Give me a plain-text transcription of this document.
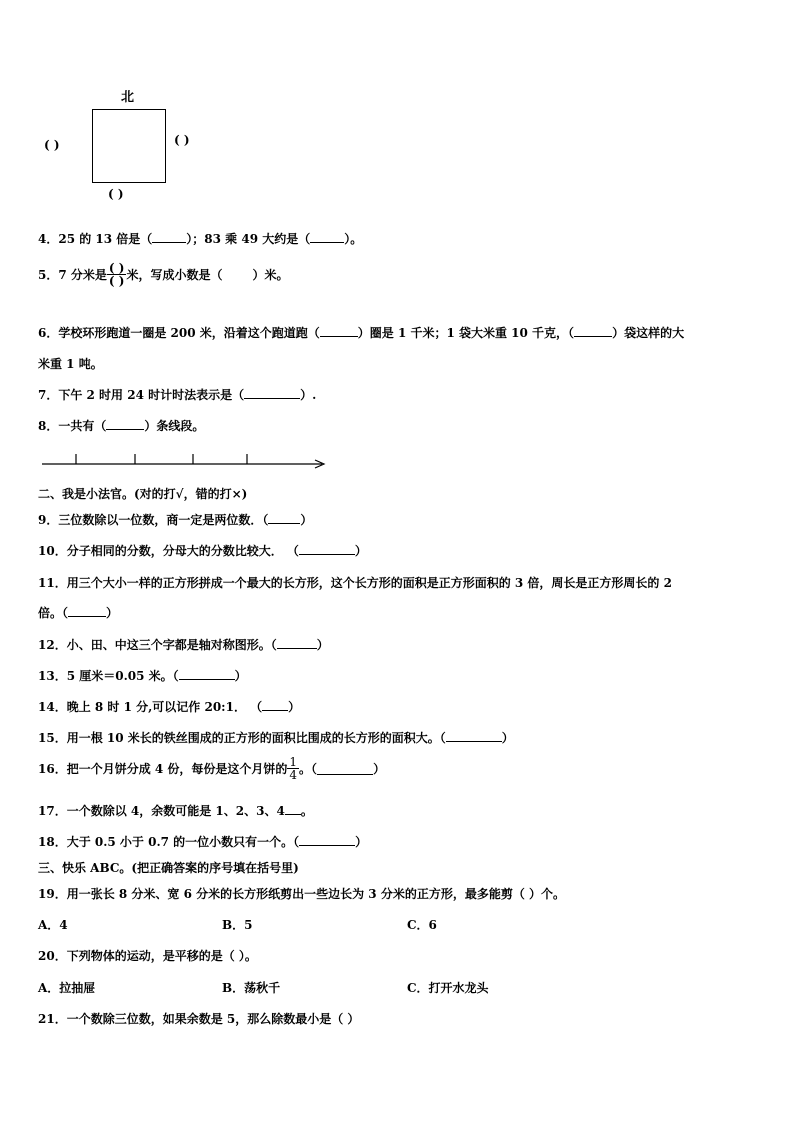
北
( )	( )
( )
4．25 的 13 倍是（	）；83 乘 49 大约是（	）。
5．7 分米是 $\frac{( )}{( )}$ 米，写成小数是（	）米。
6．学校环形跑道一圈是 200 米，沿着这个跑道跑（	）圈是 1 千米；1 袋大米重 10 千克，（	）袋这样的大
米重 1 吨。
7．下午 2 时用 24 时计时法表示是（	）.
8．一共有（	）条线段。
二、我是小法官。(对的打√，错的打×)
9．三位数除以一位数，商一定是两位数．（	）
10．分子相同的分数，分母大的分数比较大． （	）
11．用三个大小一样的正方形拼成一个最大的长方形，这个长方形的面积是正方形面积的 3 倍，周长是正方形周长的 2
倍。（	）
12．小、田、中这三个字都是轴对称图形。（	）
13．5 厘米＝0.05 米。（	）
14．晚上 8 时 1 分,可以记作 20:1． （ ）
15．用一根 10 米长的铁丝围成的正方形的面积比围成的长方形的面积大。（	）
16．把一个月饼分成 4 份，每份是这个月饼的 $\frac{1}{4}$ 。（	）
17．一个数除以 4，余数可能是 1、2、3、4 。
18．大于 0.5 小于 0.7 的一位小数只有一个。（	）
三、快乐 ABC。(把正确答案的序号填在括号里)
19．用一张长 8 分米、宽 6 分米的长方形纸剪出一些边长为 3 分米的正方形，最多能剪（ ）个。
A．4	B．5	C．6
20．下列物体的运动，是平移的是（ ）。
A．拉抽屉	B．荡秋千	C．打开水龙头
21．一个数除三位数，如果余数是 5，那么除数最小是（ ）
